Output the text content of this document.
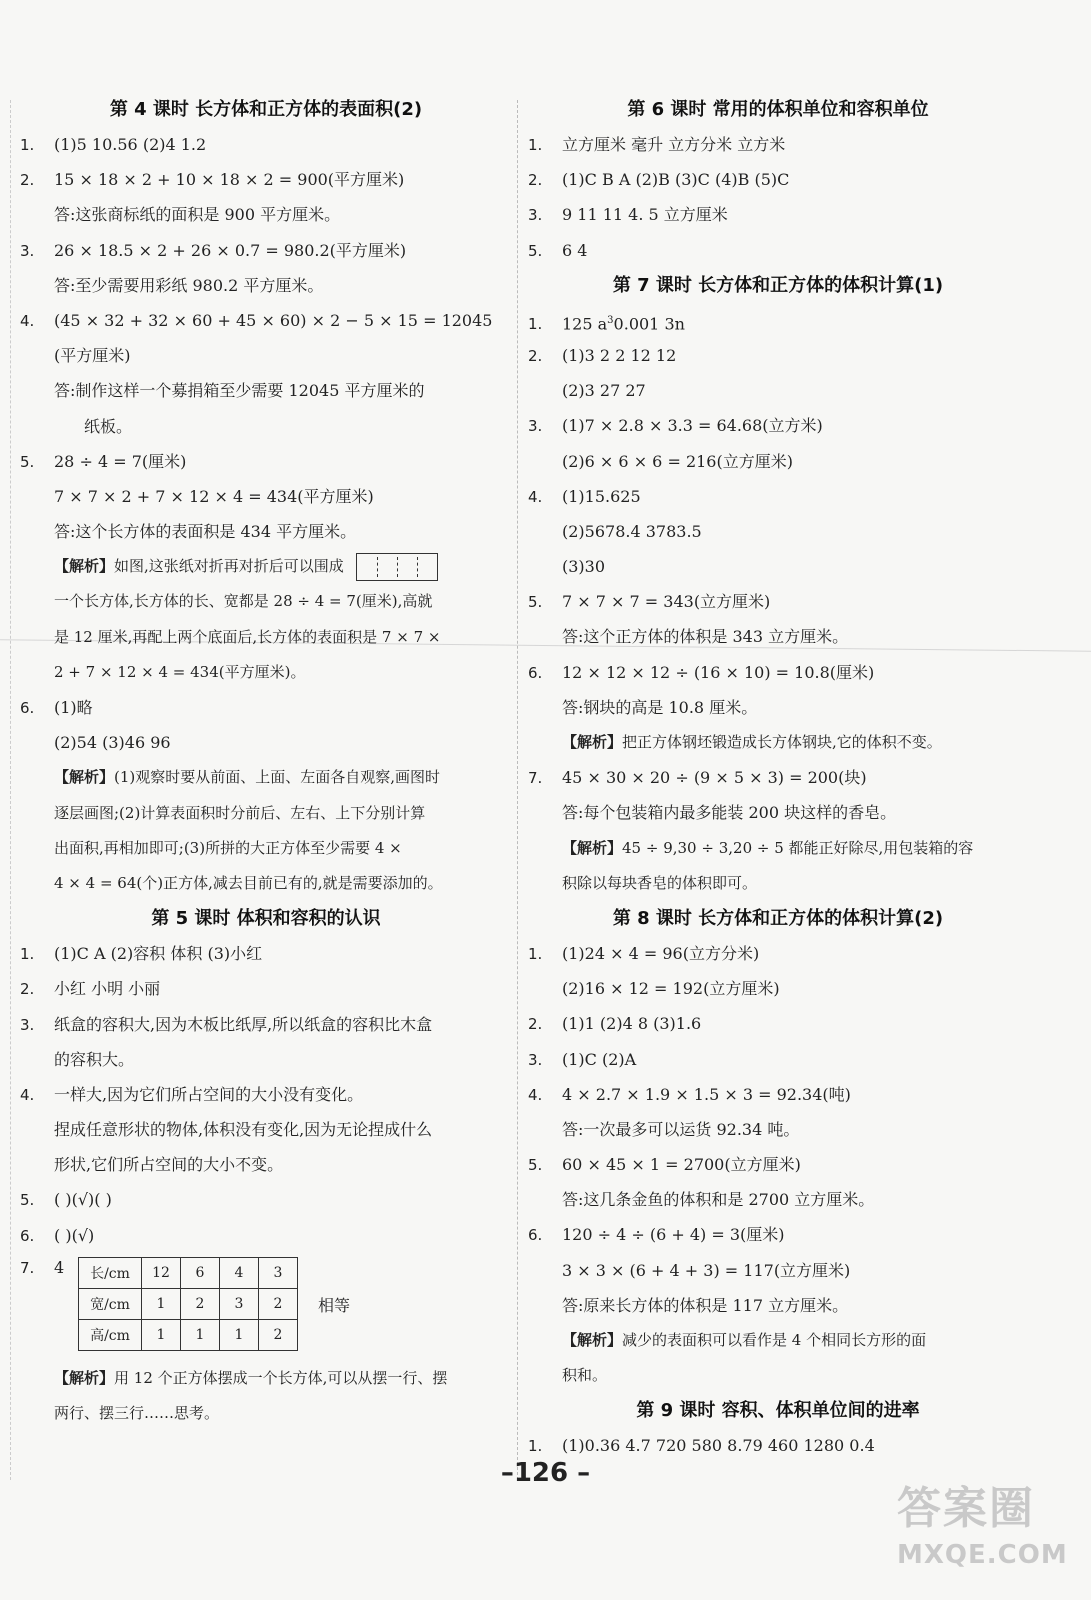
第 4 课时 长方体和正方体的表面积(2)
1. (1)5 10.56 (2)4 1.2
2. 15 × 18 × 2 + 10 × 18 × 2 = 900(平方厘米)
答:这张商标纸的面积是 900 平方厘米。
3. 26 × 18.5 × 2 + 26 × 0.7 = 980.2(平方厘米)
答:至少需要用彩纸 980.2 平方厘米。
4. (45 × 32 + 32 × 60 + 45 × 60) × 2 − 5 × 15 = 12045
(平方厘米)
答:制作这样一个募捐箱至少需要 12045 平方厘米的
纸板。
5. 28 ÷ 4 = 7(厘米)
7 × 7 × 2 + 7 × 12 × 4 = 434(平方厘米)
答:这个长方体的表面积是 434 平方厘米。
【解析】如图,这张纸对折再对折后可以围成
一个长方体,长方体的长、宽都是 28 ÷ 4 = 7(厘米),高就
是 12 厘米,再配上两个底面后,长方体的表面积是 7 × 7 ×
2 + 7 × 12 × 4 = 434(平方厘米)。
6. (1)略
(2)54 (3)46 96
【解析】(1)观察时要从前面、上面、左面各自观察,画图时
逐层画图;(2)计算表面积时分前后、左右、上下分别计算
出面积,再相加即可;(3)所拼的大正方体至少需要 4 ×
4 × 4 = 64(个)正方体,减去目前已有的,就是需要添加的。
第 5 课时 体积和容积的认识
1. (1)C A (2)容积 体积 (3)小红
2. 小红 小明 小丽
3. 纸盒的容积大,因为木板比纸厚,所以纸盒的容积比木盒
的容积大。
4. 一样大,因为它们所占空间的大小没有变化。
捏成任意形状的物体,体积没有变化,因为无论捏成什么
形状,它们所占空间的大小不变。
5. ( )(√)( )
6. ( )(√)
7. 4 长/cm	12	6	4	3
宽/cm	1	2	3	2
高/cm	1	1	1	2
相等
【解析】用 12 个正方体摆成一个长方体,可以从摆一行、摆
两行、摆三行……思考。
第 6 课时 常用的体积单位和容积单位
1. 立方厘米 毫升 立方分米 立方米
2. (1)C B A (2)B (3)C (4)B (5)C
3. 9 11 11 4. 5 立方厘米
5. 6 4
第 7 课时 长方体和正方体的体积计算(1)
1. 125 $a^30.001$ 3n
2. (1)3 2 2 12 12
(2)3 27 27
3. (1)7 × 2.8 × 3.3 = 64.68(立方米)
(2)6 × 6 × 6 = 216(立方厘米)
4. (1)15.625
(2)5678.4 3783.5
(3)30
5. 7 × 7 × 7 = 343(立方厘米)
答:这个正方体的体积是 343 立方厘米。
6. 12 × 12 × 12 ÷ (16 × 10) = 10.8(厘米)
答:钢块的高是 10.8 厘米。
【解析】把正方体钢坯锻造成长方体钢块,它的体积不变。
7. 45 × 30 × 20 ÷ (9 × 5 × 3) = 200(块)
答:每个包装箱内最多能装 200 块这样的香皂。
【解析】45 ÷ 9,30 ÷ 3,20 ÷ 5 都能正好除尽,用包装箱的容
积除以每块香皂的体积即可。
第 8 课时 长方体和正方体的体积计算(2)
1. (1)24 × 4 = 96(立方分米)
(2)16 × 12 = 192(立方厘米)
2. (1)1 (2)4 8 (3)1.6
3. (1)C (2)A
4. 4 × 2.7 × 1.9 × 1.5 × 3 = 92.34(吨)
答:一次最多可以运货 92.34 吨。
5. 60 × 45 × 1 = 2700(立方厘米)
答:这几条金鱼的体积和是 2700 立方厘米。
6. 120 ÷ 4 ÷ (6 + 4) = 3(厘米)
3 × 3 × (6 + 4 + 3) = 117(立方厘米)
答:原来长方体的体积是 117 立方厘米。
【解析】减少的表面积可以看作是 4 个相同长方形的面
积和。
第 9 课时 容积、体积单位间的进率
1. (1)0.36 4.7 720 580 8.79 460 1280 0.4
–126 –
答案圈
MXQE.COM
